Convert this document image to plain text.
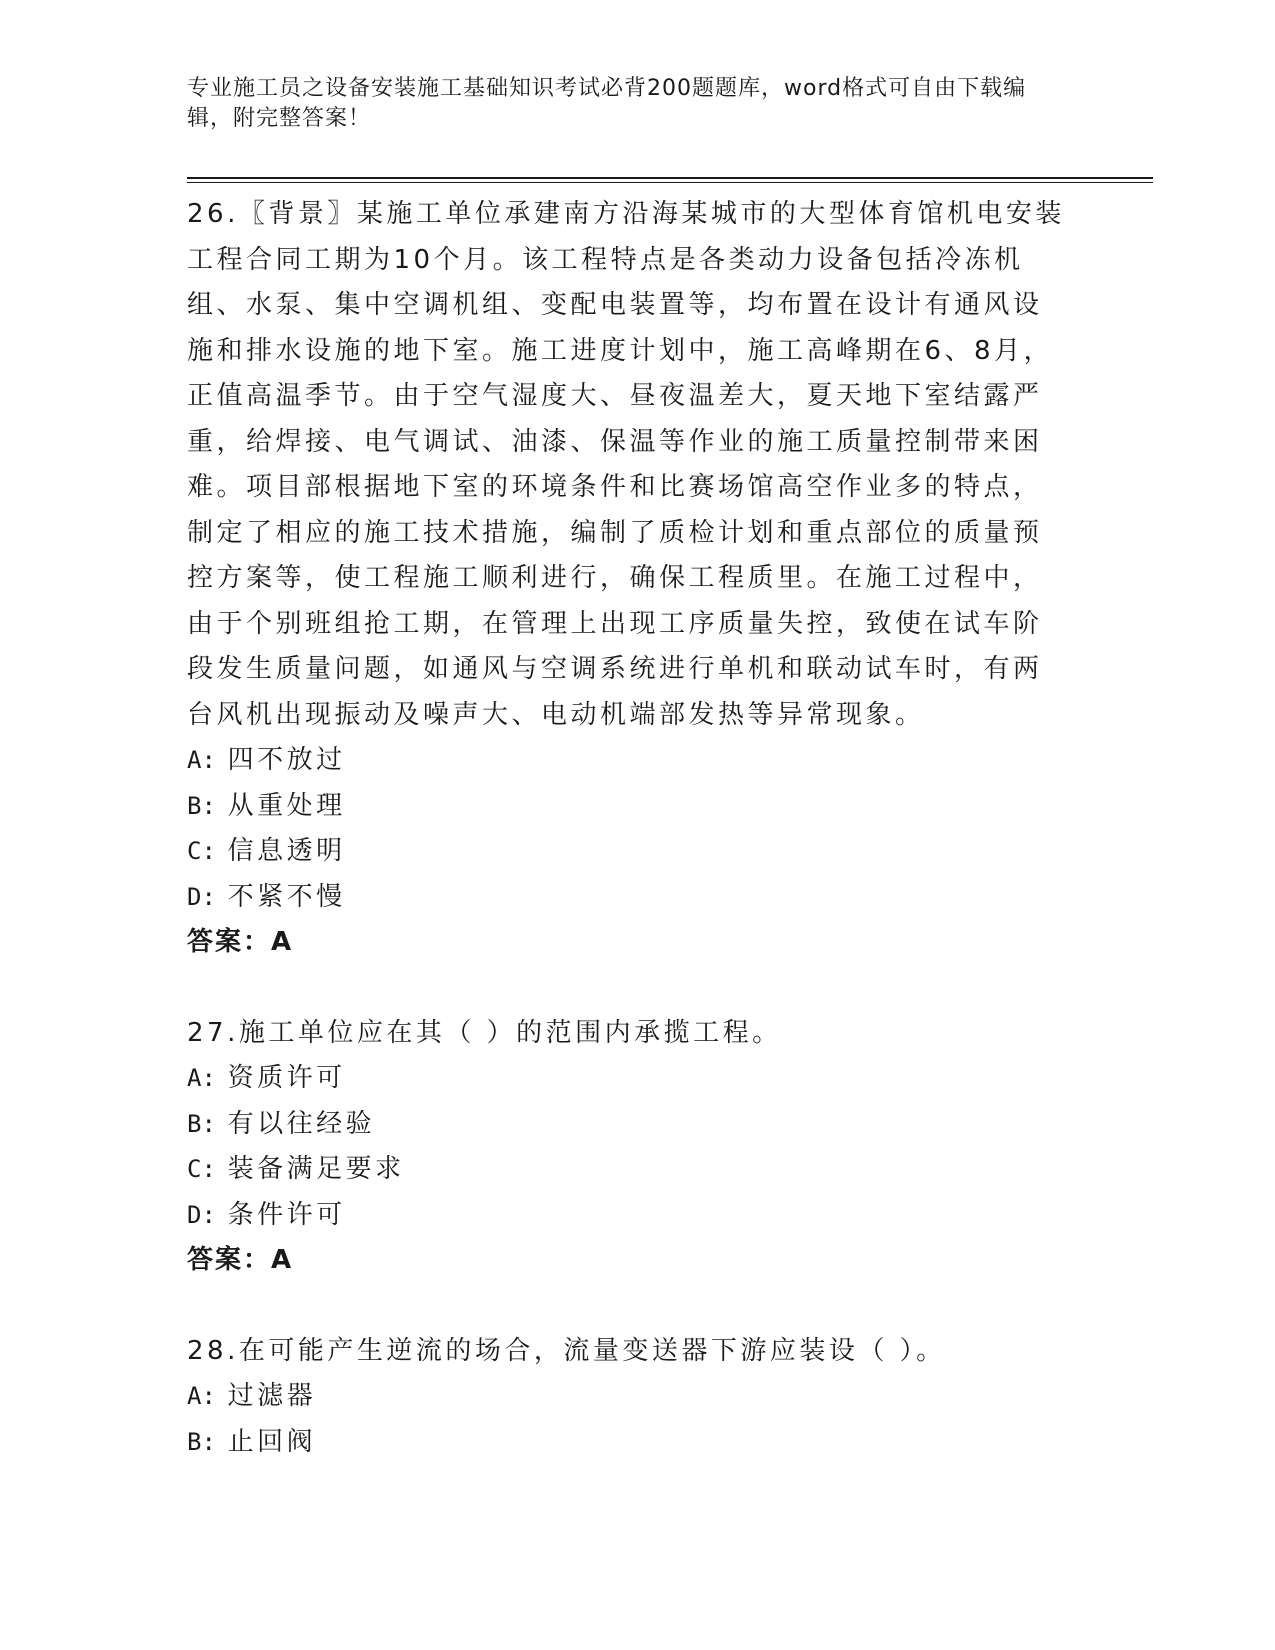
专业施工员之设备安装施工基础知识考试必背200题题库，word格式可自由下载编辑，附完整答案！
26.〖背景〗某施工单位承建南方沿海某城市的大型体育馆机电安装工程合同工期为10个月。该工程特点是各类动力设备包括冷冻机组、水泵、集中空调机组、变配电装置等，均布置在设计有通风设施和排水设施的地下室。施工进度计划中，施工高峰期在6、8月，正值高温季节。由于空气湿度大、昼夜温差大，夏天地下室结露严重，给焊接、电气调试、油漆、保温等作业的施工质量控制带来困难。项目部根据地下室的环境条件和比赛场馆高空作业多的特点，制定了相应的施工技术措施，编制了质检计划和重点部位的质量预控方案等，使工程施工顺利进行，确保工程质里。在施工过程中，由于个别班组抢工期，在管理上出现工序质量失控，致使在试车阶段发生质量问题，如通风与空调系统进行单机和联动试车时，有两台风机出现振动及噪声大、电动机端部发热等异常现象。
A: 四不放过
B: 从重处理
C: 信息透明
D: 不紧不慢
答案：A
27.施工单位应在其（ ）的范围内承揽工程。
A: 资质许可
B: 有以往经验
C: 装备满足要求
D: 条件许可
答案：A
28.在可能产生逆流的场合，流量变送器下游应装设（ ）。
A: 过滤器
B: 止回阀
